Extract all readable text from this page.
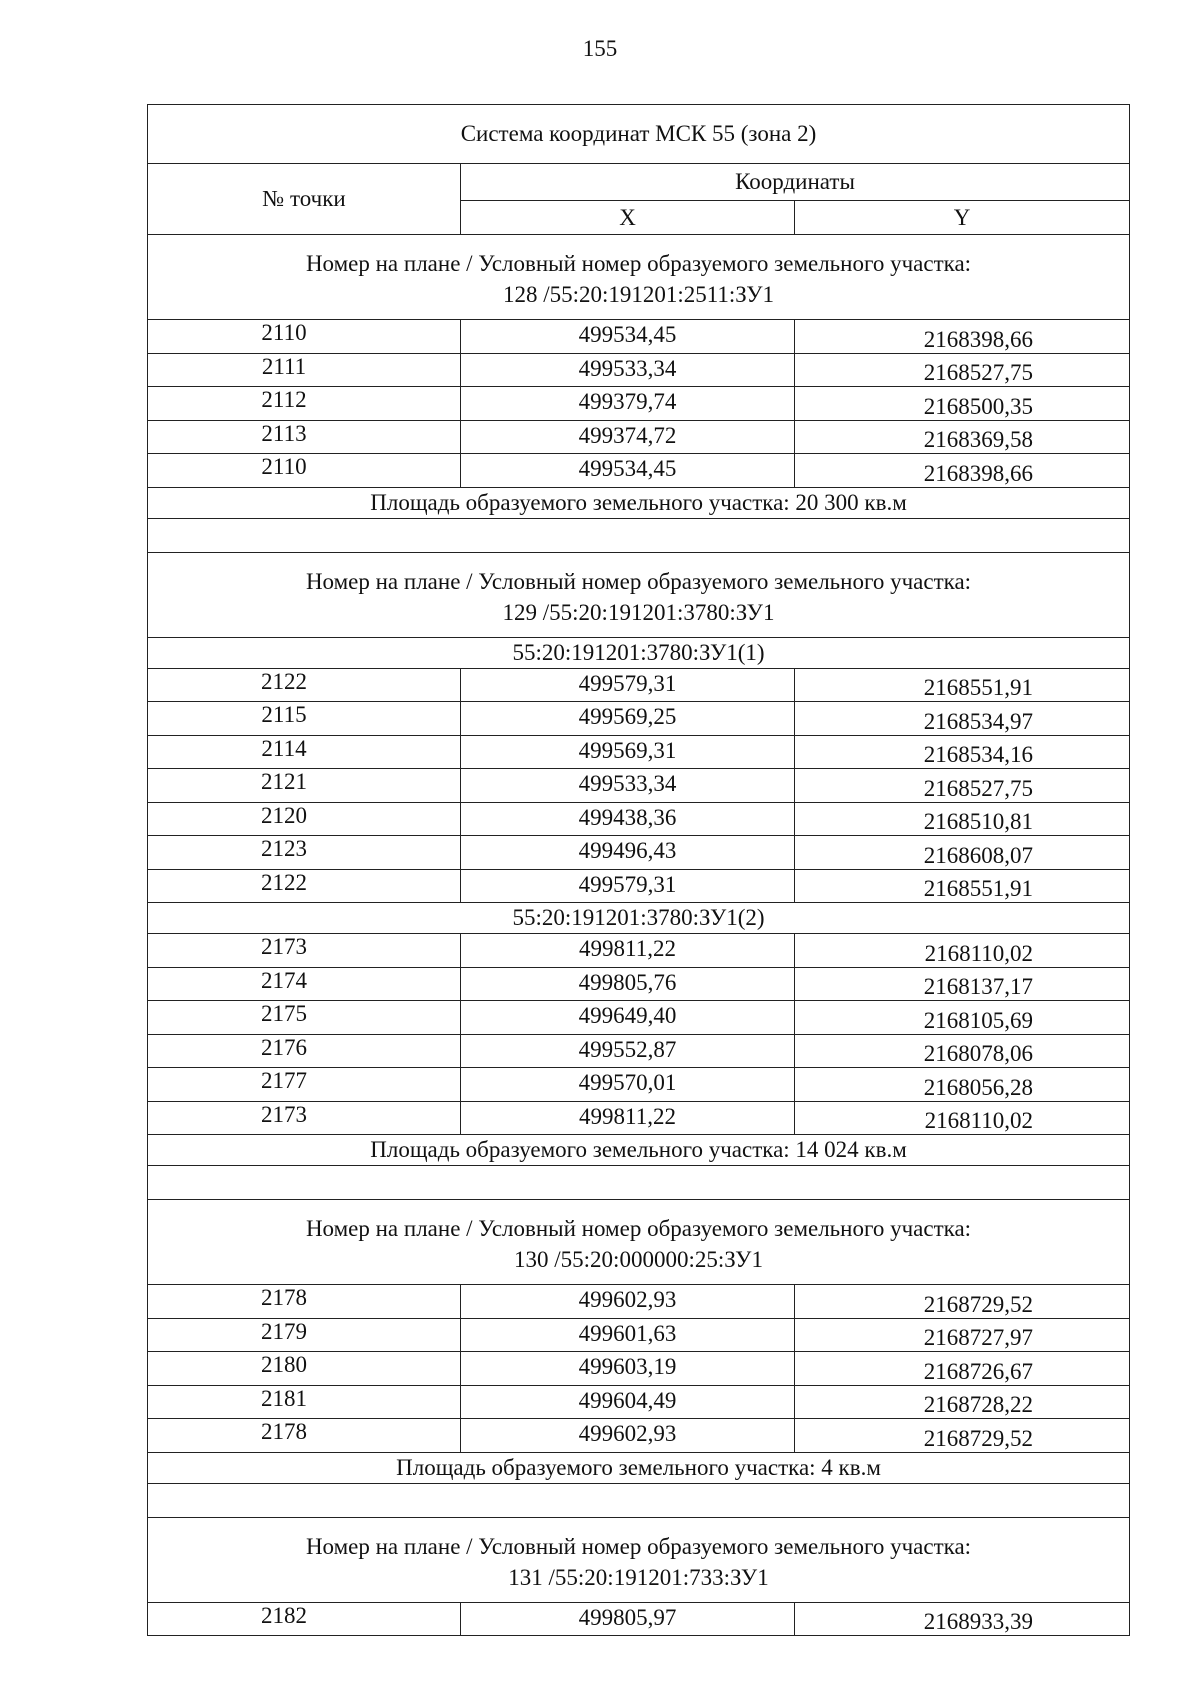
155
Система координат МСК 55 (зона 2)		
№ точки	Координаты	
	X	Y

Номер на плане / Условный номер образуемого земельного участка:
128 /55:20:191201:2511:ЗУ1		

2110	499534,45	2168398,66
2111	499533,34	2168527,75
2112	499379,74	2168500,35
2113	499374,72	2168369,58
2110	499534,45	2168398,66
Площадь образуемого земельного участка: 20 300 кв.м		

Номер на плане / Условный номер образуемого земельного участка:
129 /55:20:191201:3780:ЗУ1		

55:20:191201:3780:ЗУ1(1)		
2122	499579,31	2168551,91
2115	499569,25	2168534,97
2114	499569,31	2168534,16
2121	499533,34	2168527,75
2120	499438,36	2168510,81
2123	499496,43	2168608,07
2122	499579,31	2168551,91
55:20:191201:3780:ЗУ1(2)		
2173	499811,22	2168110,02
2174	499805,76	2168137,17
2175	499649,40	2168105,69
2176	499552,87	2168078,06
2177	499570,01	2168056,28
2173	499811,22	2168110,02
Площадь образуемого земельного участка: 14 024 кв.м		

Номер на плане / Условный номер образуемого земельного участка:
130 /55:20:000000:25:ЗУ1		

2178	499602,93	2168729,52
2179	499601,63	2168727,97
2180	499603,19	2168726,67
2181	499604,49	2168728,22
2178	499602,93	2168729,52
Площадь образуемого земельного участка: 4 кв.м		

Номер на плане / Условный номер образуемого земельного участка:
131 /55:20:191201:733:ЗУ1		

2182	499805,97	2168933,39
